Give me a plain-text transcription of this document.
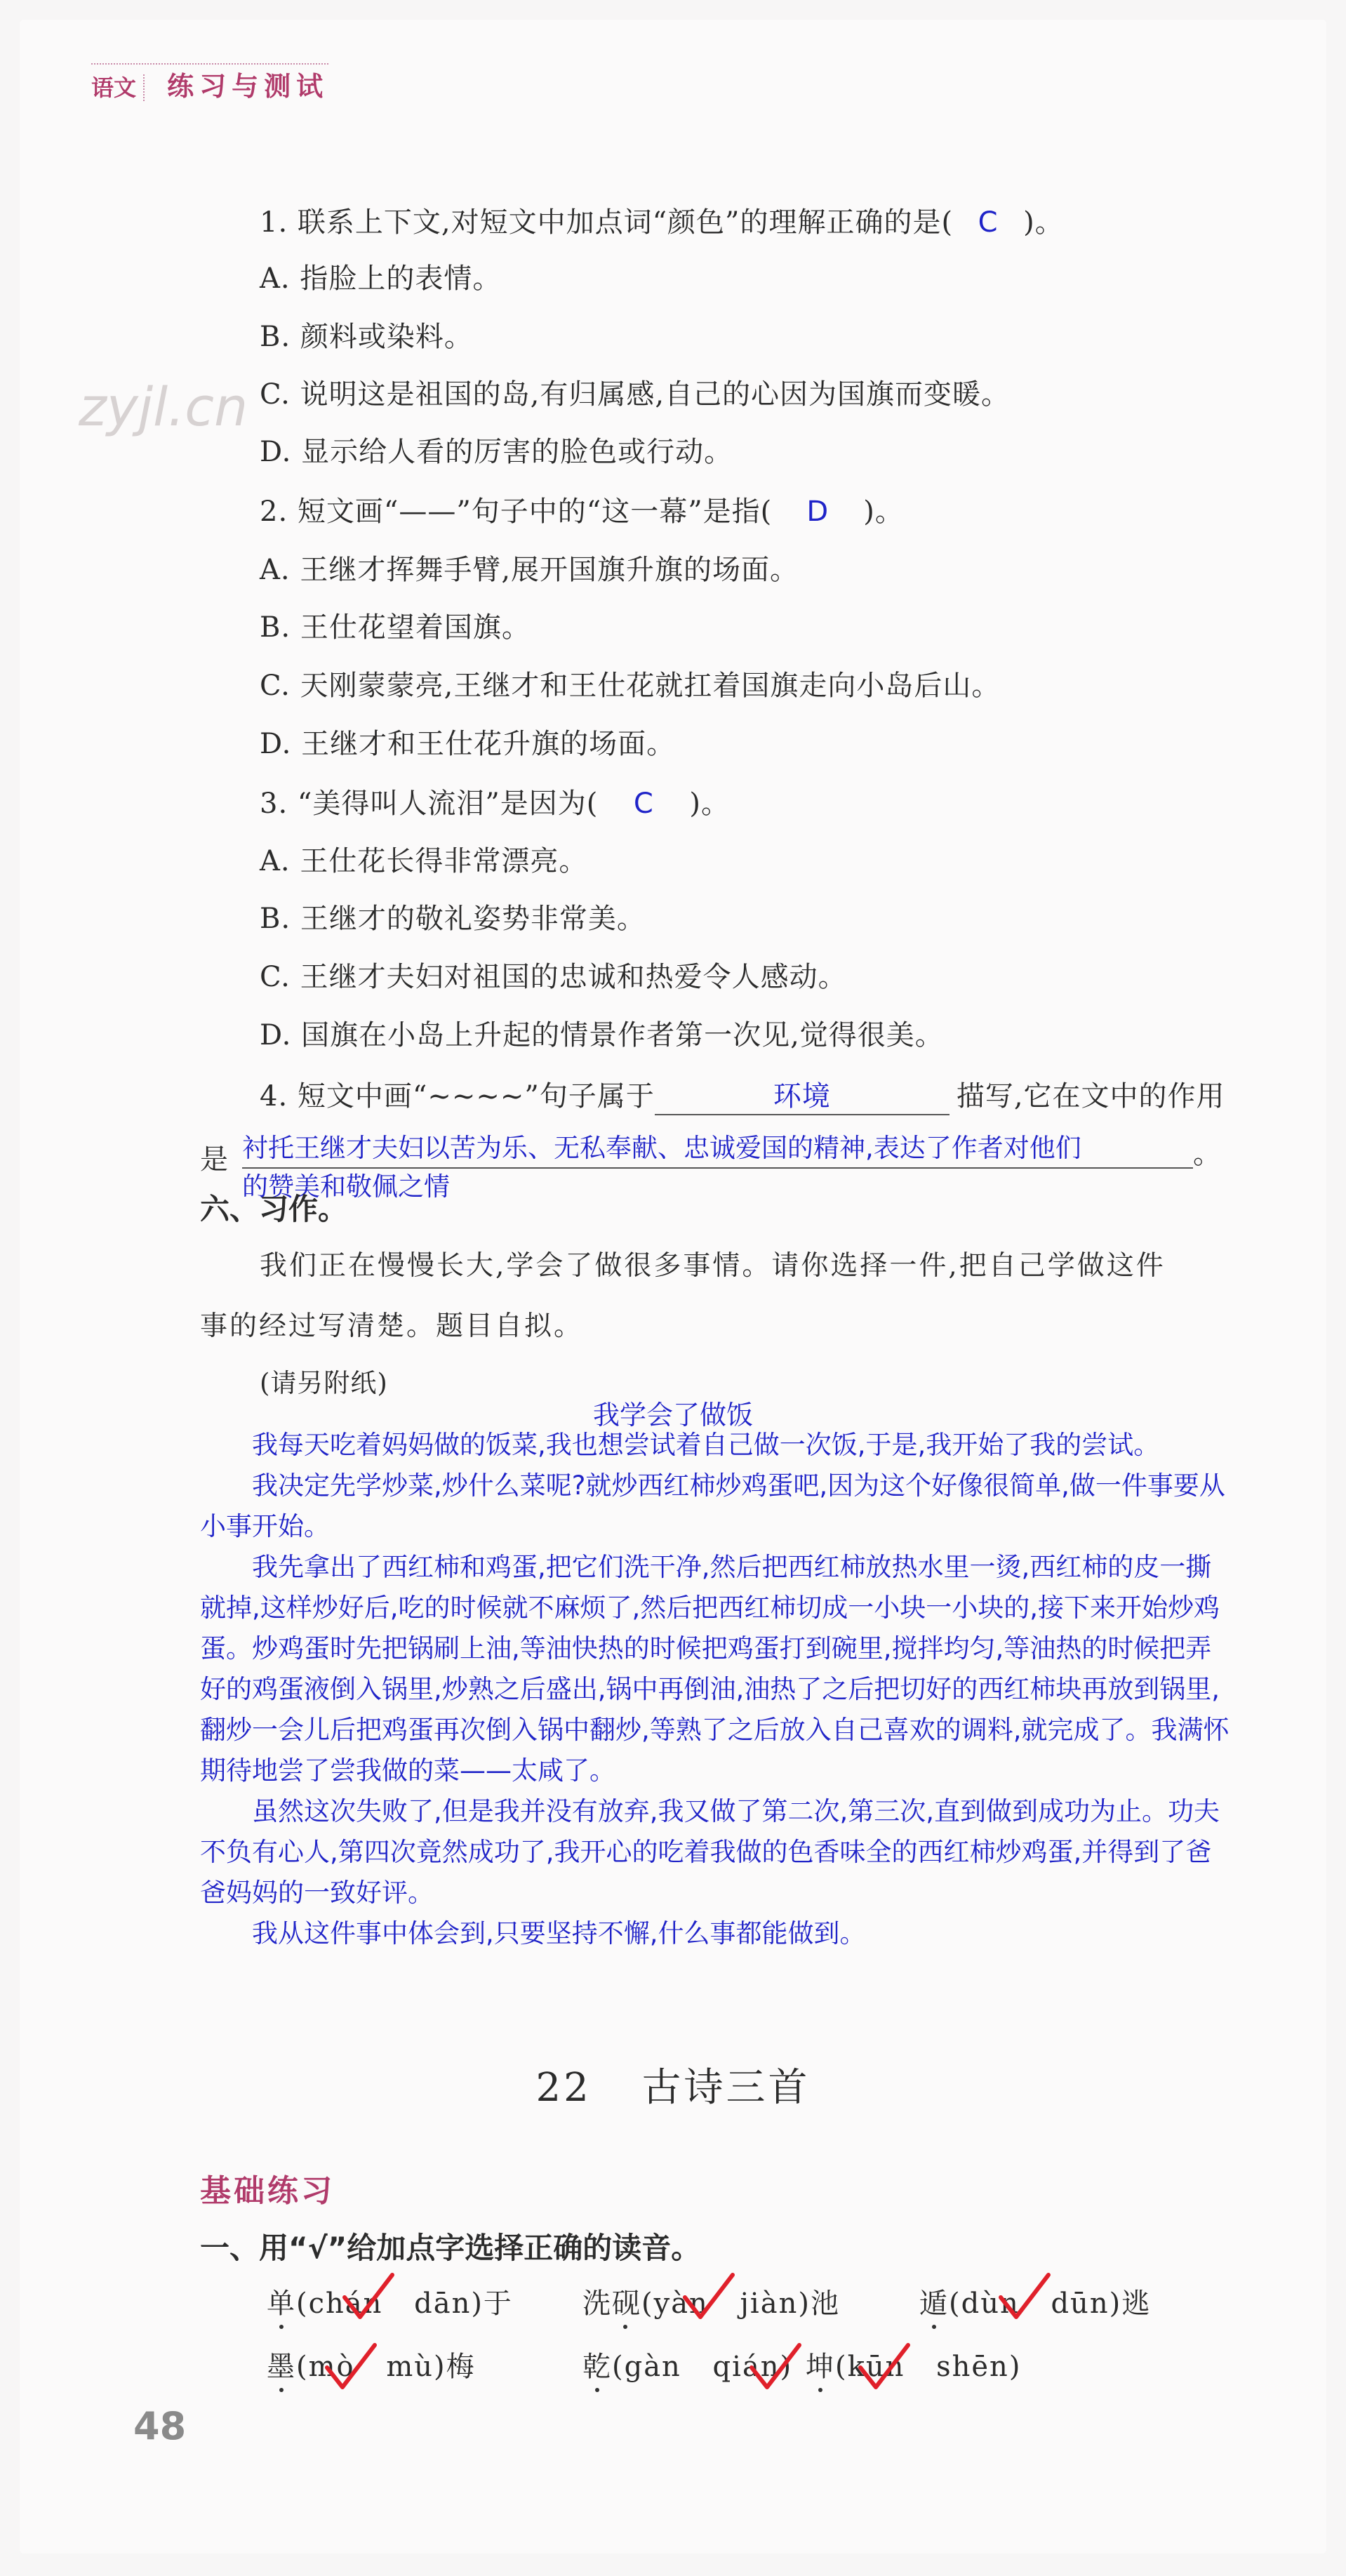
语文 练习与测试
zyjl.cn
1. 联系上下文,对短文中加点词“颜色”的理解正确的是( C )。
A. 指脸上的表情。
B. 颜料或染料。
C. 说明这是祖国的岛,有归属感,自己的心因为国旗而变暖。
D. 显示给人看的厉害的脸色或行动。
2. 短文画“——”句子中的“这一幕”是指( D )。
A. 王继才挥舞手臂,展开国旗升旗的场面。
B. 王仕花望着国旗。
C. 天刚蒙蒙亮,王继才和王仕花就扛着国旗走向小岛后山。
D. 王继才和王仕花升旗的场面。
3. “美得叫人流泪”是因为( C )。
A. 王仕花长得非常漂亮。
B. 王继才的敬礼姿势非常美。
C. 王继才夫妇对祖国的忠诚和热爱令人感动。
D. 国旗在小岛上升起的情景作者第一次见,觉得很美。
4. 短文中画“~~~~”句子属于	环境	描写,它在文中的作用
是 衬托王继才夫妇以苦为乐、无私奉献、忠诚爱国的精神,表达了作者对他们	。
的赞美和敬佩之情
六、习作。
我们正在慢慢长大,学会了做很多事情。请你选择一件,把自己学做这件
事的经过写清楚。题目自拟。
(请另附纸)
我学会了做饭

我每天吃着妈妈做的饭菜,我也想尝试着自己做一次饭,于是,我开始了我的尝试。

我决定先学炒菜,炒什么菜呢?就炒西红柿炒鸡蛋吧,因为这个好像很简单,做一件事要从小事开始。

我先拿出了西红柿和鸡蛋,把它们洗干净,然后把西红柿放热水里一烫,西红柿的皮一撕就掉,这样炒好后,吃的时候就不麻烦了,然后把西红柿切成一小块一小块的,接下来开始炒鸡蛋。炒鸡蛋时先把锅刷上油,等油快热的时候把鸡蛋打到碗里,搅拌均匀,等油热的时候把弄好的鸡蛋液倒入锅里,炒熟之后盛出,锅中再倒油,油热了之后把切好的西红柿块再放到锅里,翻炒一会儿后把鸡蛋再次倒入锅中翻炒,等熟了之后放入自己喜欢的调料,就完成了。我满怀期待地尝了尝我做的菜——太咸了。

虽然这次失败了,但是我并没有放弃,我又做了第二次,第三次,直到做到成功为止。功夫不负有心人,第四次竟然成功了,我开心的吃着我做的色香味全的西红柿炒鸡蛋,并得到了爸爸妈妈的一致好评。

我从这件事中体会到,只要坚持不懈,什么事都能做到。

22 古诗三首
基础练习
一、用“√”给加点字选择正确的读音。
单(chán dān)于 洗砚(yàn jiàn)池	遁(dùn dūn)逃
墨(mò mù)梅	乾(gàn qián) 坤(kūn shēn)
48
